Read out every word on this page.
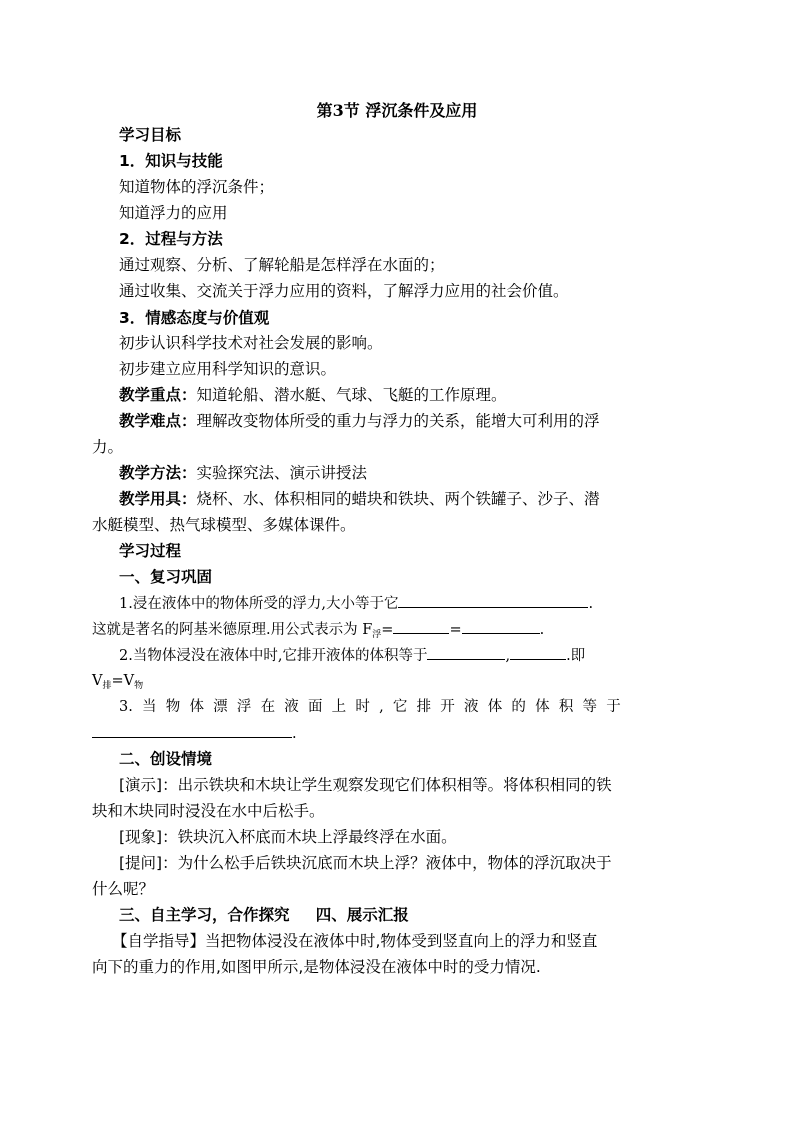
第3节 浮沉条件及应用
学习目标
1．知识与技能
知道物体的浮沉条件；
知道浮力的应用
2．过程与方法
通过观察、分析、了解轮船是怎样浮在水面的；
通过收集、交流关于浮力应用的资料，了解浮力应用的社会价值。
3．情感态度与价值观
初步认识科学技术对社会发展的影响。
初步建立应用科学知识的意识。
教学重点：知道轮船、潜水艇、气球、飞艇的工作原理。
教学难点：理解改变物体所受的重力与浮力的关系，能增大可利用的浮
力。
教学方法：实验探究法、演示讲授法
教学用具：烧杯、水、体积相同的蜡块和铁块、两个铁罐子、沙子、潜
水艇模型、热气球模型、多媒体课件。
学习过程
一、复习巩固
1.浸在液体中的物体所受的浮力,大小等于它	.
这就是著名的阿基米德原理.用公式表示为 $F_浮=$	=	.
2.当物体浸没在液体中时,它排开液体的体积等于	,	.即
$V_排=V_物$
3. 当 物 体 漂 浮 在 液 面 上 时 , 它 排 开 液 体 的 体 积 等 于
.
二、创设情境
[演示]：出示铁块和木块让学生观察发现它们体积相等。将体积相同的铁
块和木块同时浸没在水中后松手。
[现象]：铁块沉入杯底而木块上浮最终浮在水面。
[提问]：为什么松手后铁块沉底而木块上浮？液体中，物体的浮沉取决于
什么呢？
三、自主学习，合作探究　  四、展示汇报
【自学指导】当把物体浸没在液体中时,物体受到竖直向上的浮力和竖直
向下的重力的作用,如图甲所示,是物体浸没在液体中时的受力情况.
